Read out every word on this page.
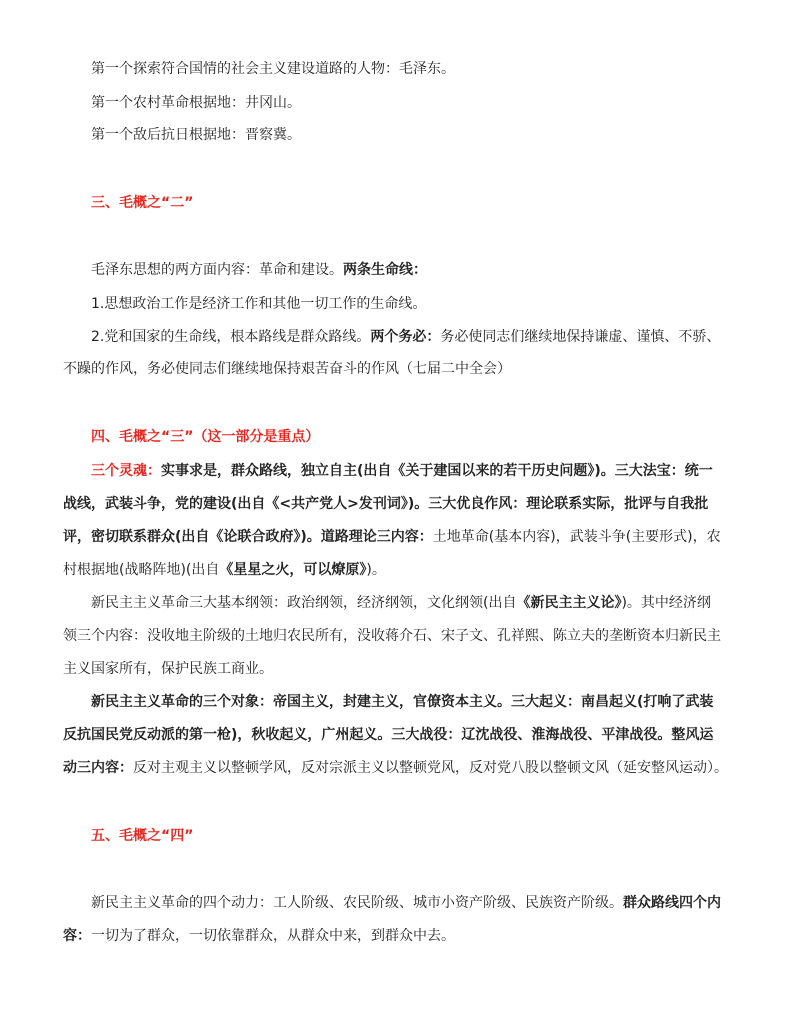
第一个探索符合国情的社会主义建设道路的人物：毛泽东。
第一个农村革命根据地：井冈山。
第一个敌后抗日根据地：晋察冀。
三、毛概之“二”
毛泽东思想的两方面内容：革命和建设。两条生命线：
1.思想政治工作是经济工作和其他一切工作的生命线。
2.党和国家的生命线，根本路线是群众路线。两个务必：务必使同志们继续地保持谦虚、谨慎、不骄、
不躁的作风，务必使同志们继续地保持艰苦奋斗的作风（七届二中全会）
四、毛概之“三”（这一部分是重点）
三个灵魂：实事求是，群众路线，独立自主(出自《关于建国以来的若干历史问题》)。三大法宝：统一
战线，武装斗争，党的建设(出自《<共产党人>发刊词》)。三大优良作风：理论联系实际，批评与自我批
评，密切联系群众(出自《论联合政府》)。道路理论三内容：土地革命(基本内容)，武装斗争(主要形式)，农
村根据地(战略阵地)(出自《星星之火，可以燎原》)。
新民主主义革命三大基本纲领：政治纲领，经济纲领，文化纲领(出自《新民主主义论》)。其中经济纲
领三个内容：没收地主阶级的土地归农民所有，没收蒋介石、宋子文、孔祥熙、陈立夫的垄断资本归新民主
主义国家所有，保护民族工商业。
新民主主义革命的三个对象：帝国主义，封建主义，官僚资本主义。三大起义：南昌起义(打响了武装
反抗国民党反动派的第一枪)，秋收起义，广州起义。三大战役：辽沈战役、淮海战役、平津战役。整风运
动三内容：反对主观主义以整顿学风，反对宗派主义以整顿党风，反对党八股以整顿文风（延安整风运动）。
五、毛概之“四”
新民主主义革命的四个动力：工人阶级、农民阶级、城市小资产阶级、民族资产阶级。群众路线四个内
容：一切为了群众，一切依靠群众，从群众中来，到群众中去。
